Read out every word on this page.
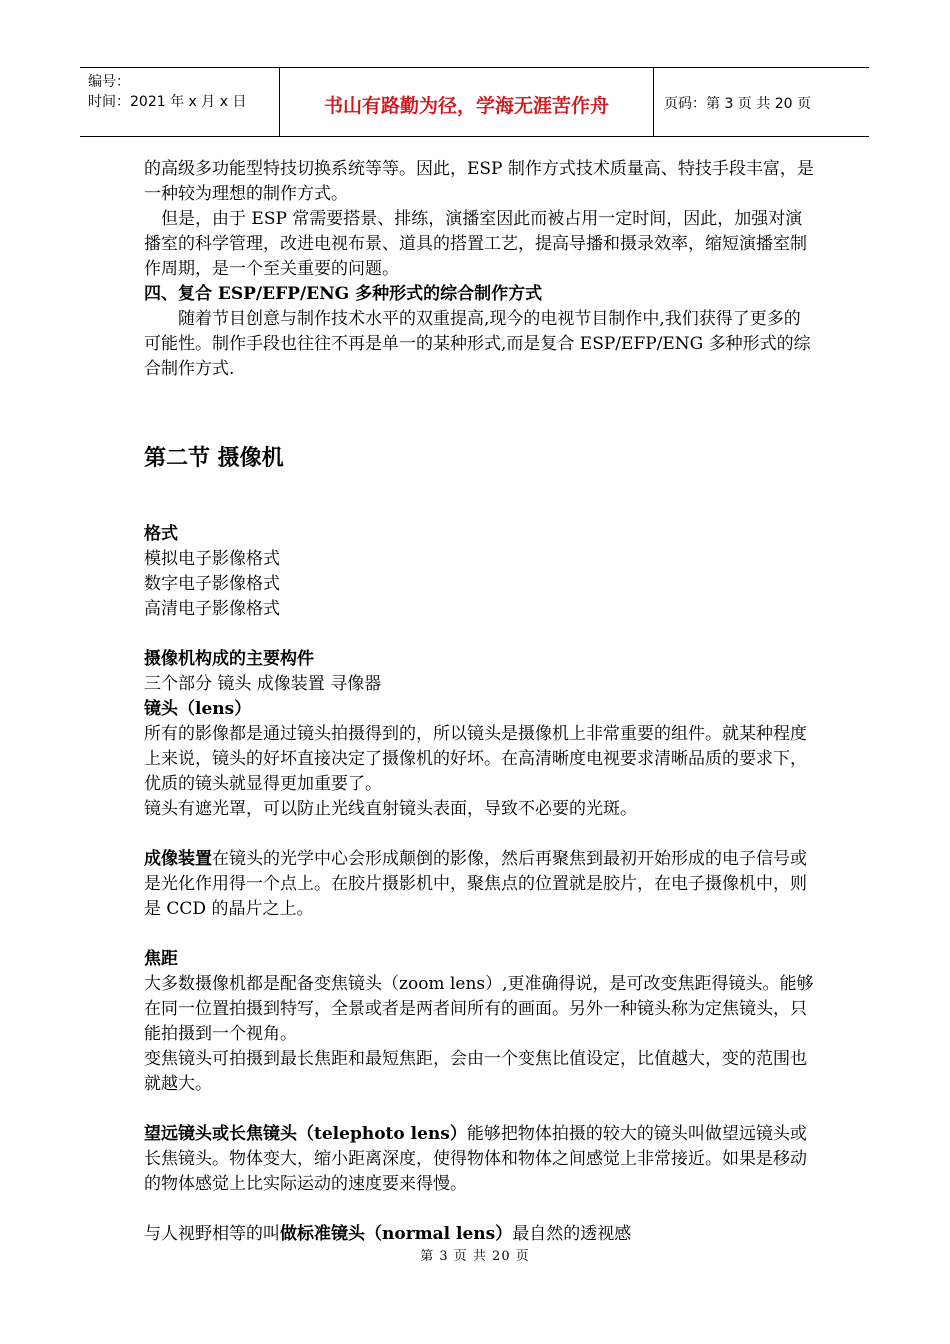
编号：
时间：2021 年 x 月 x 日	书山有路勤为径，学海无涯苦作舟	页码：第 3 页 共 20 页

的高级多功能型特技切换系统等等。因此，ESP 制作方式技术质量高、特技手段丰富，是一种较为理想的制作方式。

但是，由于 ESP 常需要搭景、排练，演播室因此而被占用一定时间，因此，加强对演播室的科学管理，改进电视布景、道具的搭置工艺，提高导播和摄录效率，缩短演播室制作周期，是一个至关重要的问题。

四、复合 ESP/EFP/ENG 多种形式的综合制作方式

随着节目创意与制作技术水平的双重提高,现今的电视节目制作中,我们获得了更多的可能性。制作手段也往往不再是单一的某种形式,而是复合 ESP/EFP/ENG 多种形式的综合制作方式.

第二节 摄像机

格式

模拟电子影像格式

数字电子影像格式

高清电子影像格式

摄像机构成的主要构件

三个部分 镜头 成像装置 寻像器

镜头（lens）

所有的影像都是通过镜头拍摄得到的，所以镜头是摄像机上非常重要的组件。就某种程度上来说，镜头的好坏直接决定了摄像机的好坏。在高清晰度电视要求清晰品质的要求下，优质的镜头就显得更加重要了。

镜头有遮光罩，可以防止光线直射镜头表面，导致不必要的光斑。

成像装置在镜头的光学中心会形成颠倒的影像，然后再聚焦到最初开始形成的电子信号或是光化作用得一个点上。在胶片摄影机中，聚焦点的位置就是胶片，在电子摄像机中，则是 CCD 的晶片之上。

焦距

大多数摄像机都是配备变焦镜头（zoom lens）,更准确得说，是可改变焦距得镜头。能够在同一位置拍摄到特写，全景或者是两者间所有的画面。另外一种镜头称为定焦镜头，只能拍摄到一个视角。

变焦镜头可拍摄到最长焦距和最短焦距，会由一个变焦比值设定，比值越大，变的范围也就越大。

望远镜头或长焦镜头（telephoto lens）能够把物体拍摄的较大的镜头叫做望远镜头或长焦镜头。物体变大，缩小距离深度，使得物体和物体之间感觉上非常接近。如果是移动的物体感觉上比实际运动的速度要来得慢。

与人视野相等的叫做标准镜头（normal lens）最自然的透视感

第 3 页 共 20 页
